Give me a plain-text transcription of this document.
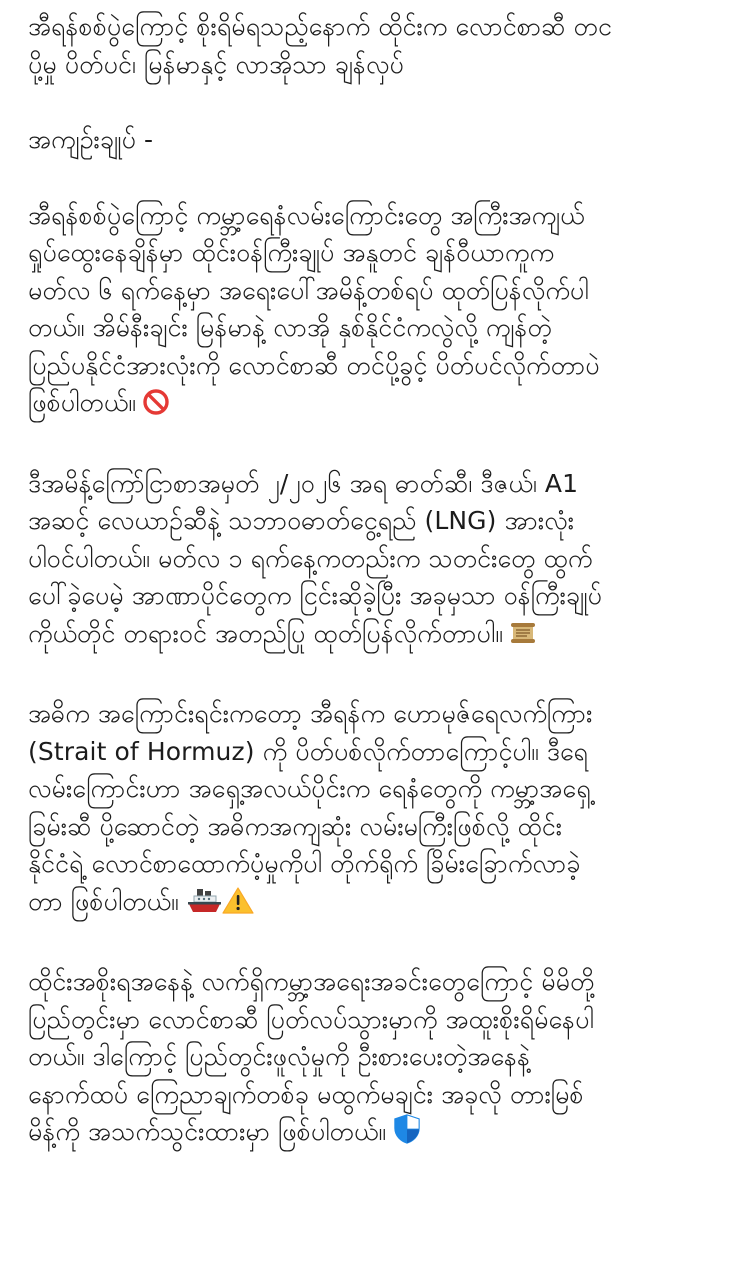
အီရန်စစ်ပွဲကြောင့် စိုးရိမ်ရသည့်နောက် ထိုင်းက လောင်စာဆီ တင
ပို့မှု ပိတ်ပင်၊ မြန်မာနှင့် လာအိုသာ ချန်လှပ်
အကျဉ်းချုပ် -
အီရန်စစ်ပွဲကြောင့် ကမ္ဘာ့ရေနံလမ်းကြောင်းတွေ အကြီးအကျယ်
ရှုပ်ထွေးနေချိန်မှာ ထိုင်းဝန်ကြီးချုပ် အနူတင် ချန်ဝီယာကူက
မတ်လ ၆ ရက်နေ့မှာ အရေးပေါ်အမိန့်တစ်ရပ် ထုတ်ပြန်လိုက်ပါ
တယ်။ အိမ်နီးချင်း မြန်မာနဲ့ လာအို နှစ်နိုင်ငံကလွဲလို့ ကျန်တဲ့
ပြည်ပနိုင်ငံအားလုံးကို လောင်စာဆီ တင်ပို့ခွင့် ပိတ်ပင်လိုက်တာပဲ
ဖြစ်ပါတယ်။
ဒီအမိန့်ကြော်ငြာစာအမှတ် ၂/၂၀၂၆ အရ ဓာတ်ဆီ၊ ဒီဇယ်၊ A1
အဆင့် လေယာဉ်ဆီနဲ့ သဘာဝဓာတ်ငွေ့ရည် (LNG) အားလုံး
ပါဝင်ပါတယ်။ မတ်လ ၁ ရက်နေ့ကတည်းက သတင်းတွေ ထွက်
ပေါ်ခဲ့ပေမဲ့ အာဏာပိုင်တွေက ငြင်းဆိုခဲ့ပြီး အခုမှသာ ဝန်ကြီးချုပ်
ကိုယ်တိုင် တရားဝင် အတည်ပြု ထုတ်ပြန်လိုက်တာပါ။
အဓိက အကြောင်းရင်းကတော့ အီရန်က ဟောမုဇ်ရေလက်ကြား
(Strait of Hormuz) ကို ပိတ်ပစ်လိုက်တာကြောင့်ပါ။ ဒီရေ
လမ်းကြောင်းဟာ အရှေ့အလယ်ပိုင်းက ရေနံတွေကို ကမ္ဘာ့အရှေ့
ခြမ်းဆီ ပို့ဆောင်တဲ့ အဓိကအကျဆုံး လမ်းမကြီးဖြစ်လို့ ထိုင်း
နိုင်ငံရဲ့ လောင်စာထောက်ပံ့မှုကိုပါ တိုက်ရိုက် ခြိမ်းခြောက်လာခဲ့
တာ ဖြစ်ပါတယ်။
ထိုင်းအစိုးရအနေနဲ့ လက်ရှိကမ္ဘာ့အရေးအခင်းတွေကြောင့် မိမိတို့
ပြည်တွင်းမှာ လောင်စာဆီ ပြတ်လပ်သွားမှာကို အထူးစိုးရိမ်နေပါ
တယ်။ ဒါကြောင့် ပြည်တွင်းဖူလုံမှုကို ဦးစားပေးတဲ့အနေနဲ့
နောက်ထပ် ကြေညာချက်တစ်ခု မထွက်မချင်း အခုလို တားမြစ်
မိန့်ကို အသက်သွင်းထားမှာ ဖြစ်ပါတယ်။
